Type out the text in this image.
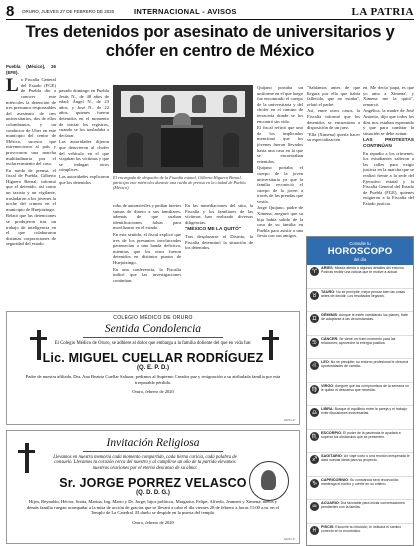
8	ORURO, JUEVES 27 DE FEBRERO DE 2020	INTERNACIONAL - AVISOS	LA PATRIA
Tres detenidos por asesinato de universitarios y chófer en centro de México
Puebla (México), 26 (EFE).
L a Fiscalía General del Estado (FGE) de Puebla dio a conocer este miércoles la detención de tres presuntos responsables del asesinato de tres universitarios, dos de ellos colombianos, y un conductor de Uber en este municipio del centro de México, sucesos que estremecieron al país y provocaron una marcha multitudinaria por el esclarecimiento del caso.

En rueda de prensa, el fiscal de Puebla, Gilberto Higuera Bernal, informó que el detenido, así como un taxista y un vigilante, trasladaron a los jóvenes la noche del crimen en el municipio de Huejotzingo.

Relató que las detenciones se produjeron tras un trabajo de inteligencia en el que colaboraron distintas corporaciones de seguridad del estado.

pasado domingo en Puebla Jesús N., de 48 años de edad; Ángel N., de 23 años, y José N., de 22 años, quienes fueron detenidos en el momento de iniciar los registros, cuando se los trasladaba a declarar.

Las autoridades dijeron que detuvieron al chofer del vehículo en el que viajaban las víctimas y que se indagan otros cómplices.

Las autoridades explicaron que los detenidos

El encargado de despacho de la Fiscalía estatal, Gilberto Higuera Bernal, participa este miércoles durante una rueda de prensa en la ciudad de Puebla (México).

robo de automóviles y pedían fuertes sumas de dinero a sus familiares, además de que usaban identificaciones falsas para movilizarse en el estado.

En este sentido, el fiscal explicó que tres de los presuntos involucrados pertenecían a una banda delictiva, mientras que los otros fueron detenidos en distintos puntos de Huejotzingo.

En una conferencia, la Fiscalía indicó que las investigaciones continúan.

En las inmediaciones del sitio, la Fiscalía y los familiares de las víctimas han realizado diversas diligencias.

"MÉXICO ME LA QUITÓ"

Tras desplazarse al Distrito, la Fiscalía determinó la situación de los detenidos.

Quijano portaba un uniforme en el que luego fue encontrado el cuerpo de la universitaria y del chofer en el camino de terracería donde se los encontró sin vida.

El fiscal refirió que uno de los implicados mencionó que los jóvenes fueron llevados hasta una casa en la que se encontraban retenidos.

Quijano portaba el cuerpo de la joven universitaria ya que la familia reconoció el cuerpo de la joven a través de las prendas que vestía.

Jorge Quijano, padre de Ximena, aseguró que su hija había salido de la casa de su familia en Puebla para asistir a una fiesta con sus amigos.

"Sabíamos antes de que llegara por ella que había fallecido, que no estaba", relató el padre.

Así, entre otros casos, la Fiscalía informó que los detenidos se encuentran a disposición de un juez.

"Ella (Ximena) quería hacer su especialización

en. Me decía 'papá, es que yo amo a Ximena', y Ximena me la quitó", remarcó.

Angélica, la madre de José Antonio, dijo que todos los días nos estaban esperando y que para cambiar la situación se debe actuar.

LAS PROTESTAS CONTINÚAN

En repudio a los crímenes, los estudiantes salieron a las calles para exigir justicia en la marcha que se realizó frente a la sede del Ejecutivo estatal y la Fiscalía General del Estado de Puebla (FGE), quienes exigieron a la Fiscalía del Estado justicia.

Consulte tu
HOROSCOPO
del día
♈	ARIES: Mirada atenta a algunos detalles del entorno. Podrías recibir una noticia que te motive a actuar.
♉	TAURO: No se precipite; mejor pensar bien las cosas antes de decidir. Los resultados llegarán.
♊	GÉMINIS: Aunque le estén cambiando los planes, trate de adaptarse a las circunstancias.
♋	CÁNCER: Se viene un buen momento para las relaciones; aproveche la energía positiva.
♌	LEO: No se precipite; su entorno profesional le ofrecerá oportunidades de cambio.
♍	VIRGO: Asegure que los compromisos de la semana no le quiten el descanso que necesita.
♎	LIBRA: Busque el equilibrio entre la pareja y el trabajo; evite discusiones innecesarias.
♏	ESCORPIO: El poder de la paciencia le ayudará a superar los obstáculos que se presenten.
♐	SAGITARIO: Un viaje corto o una reunión inesperada le dará nuevas ideas para su proyecto.
♑	CAPRICORNIO: Su constancia será reconocida; mantenga el rumbo y confíe en su criterio.
♒	ACUARIO: Día favorable para iniciar conversaciones pendientes con la familia.
♓	PISCIS: Escuche su intuición; le indicará el camino correcto en lo económico.
COLEGIO MÉDICO DE ORURO
Sentida Condolencia
El Colegio Médico de Oruro, se adhiere al dolor que embarga a la familia doliente del que en vida fue:
Lic. MIGUEL CUELLAR RODRÍGUEZ
(Q. E. P. D.)
Padre de nuestra afiliada, Dra. Ana Beatriz Cuellar Salazar, pedimos al Supremo Creador paz y resignación a su atribulada familia por esta irreparable pérdida.
Oruro, febrero de 2020
0226 LP
Invitación Religiosa
Llevamos en nuestra memoria cada momento compartido, cada tierna caricia, cada palabra de consuelo. Llevamos tu corazón cerca del nuestro y al cumplirse un año de tu partida elevamos nuestras oraciones por el eterno descanso de su alma:
Sr. JORGE PORREZ VELASCO
(Q. D. D. G.)
Hijos, Reynaldo, Héctor, Sonia, Marina, Ing. Mario y Dr. Jorge; hijos políticos, Margarita, Felipe, Alfredo, Jeannett y Ximena; nietos y demás familia ruegan acompañar a la misa de acción de gracias que se llevará a cabo el día viernes 28 de febrero a horas 11:00 a.m. en el Templo de La Catedral. El duelo se despide en la puerta del templo.
Oruro, febrero de 2020
0226 LP
